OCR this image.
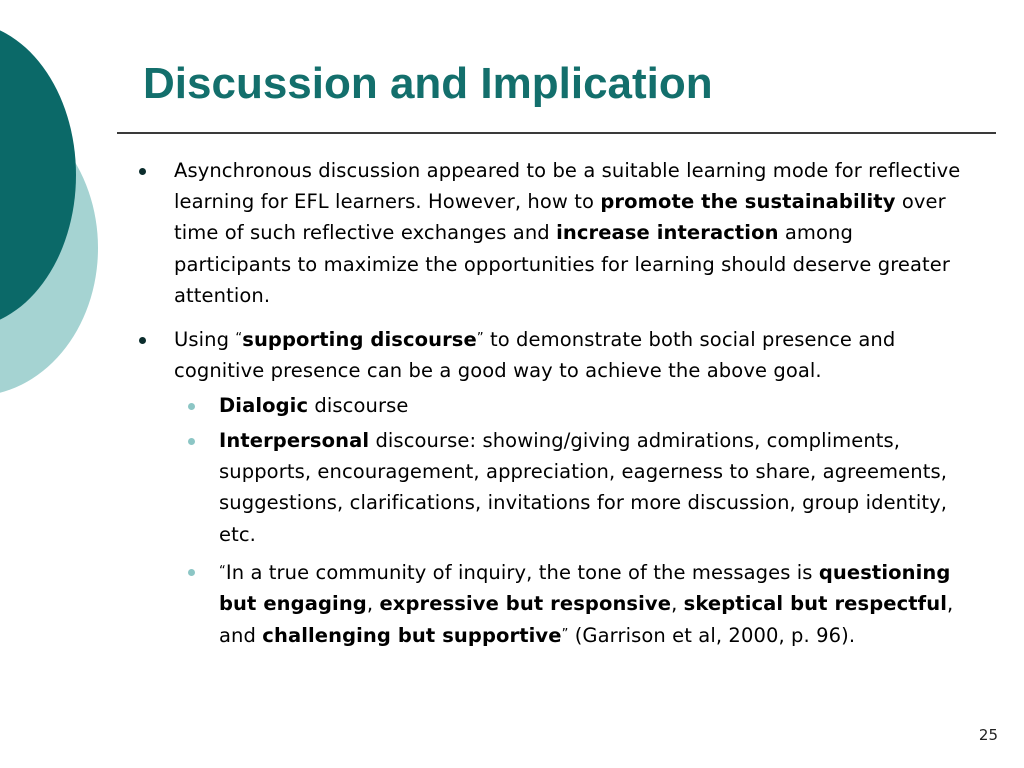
Discussion and Implication
Asynchronous discussion appeared to be a suitable learning mode for reflective learning for EFL learners. However, how to promote the sustainability over time of such reflective exchanges and increase interaction among participants to maximize the opportunities for learning should deserve greater attention.
Using “supporting discourse” to demonstrate both social presence and cognitive presence can be a good way to achieve the above goal.
Dialogic discourse
Interpersonal discourse: showing/giving admirations, compliments, supports, encouragement, appreciation, eagerness to share, agreements, suggestions, clarifications, invitations for more discussion, group identity, etc.
“In a true community of inquiry, the tone of the messages is questioning but engaging, expressive but responsive, skeptical but respectful, and challenging but supportive” (Garrison et al, 2000, p. 96).
25
